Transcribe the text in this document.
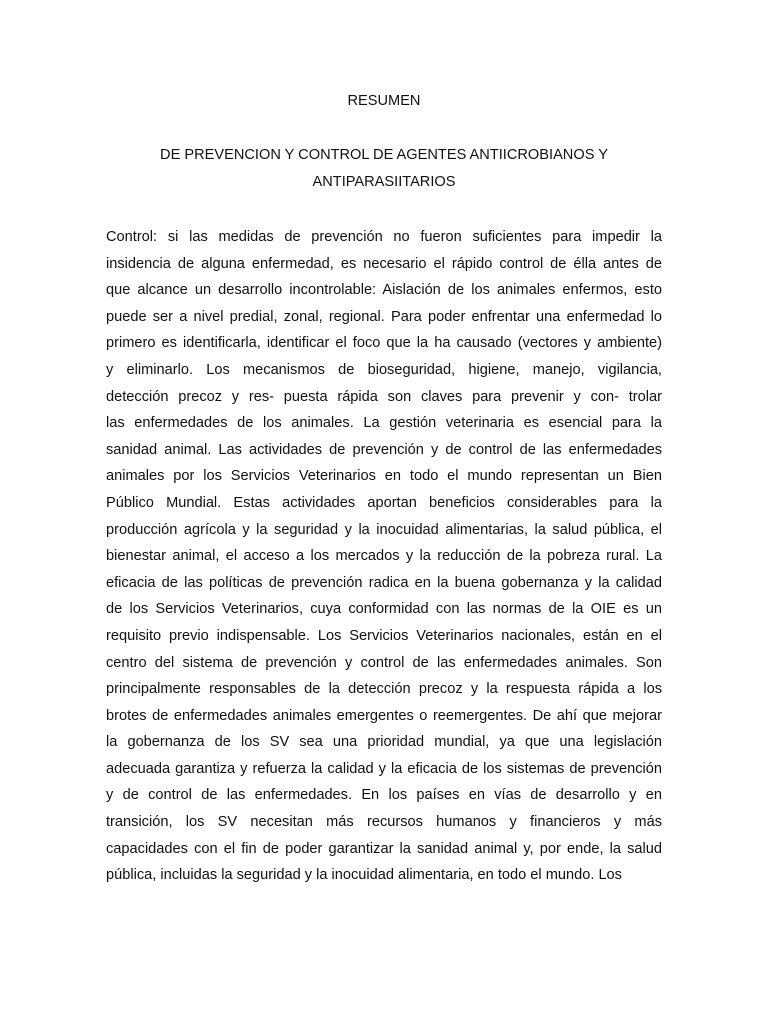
RESUMEN
DE PREVENCION Y CONTROL DE AGENTES ANTIICROBIANOS Y
ANTIPARASIITARIOS
Control: si las medidas de prevención no fueron suficientes para impedir la
insidencia de alguna enfermedad, es necesario el rápido control de élla antes de
que alcance un desarrollo incontrolable: Aislación de los animales enfermos, esto
puede ser a nivel predial, zonal, regional. Para poder enfrentar una enfermedad lo
primero es identificarla, identificar el foco que la ha causado (vectores y ambiente)
y eliminarlo. Los mecanismos de bioseguridad, higiene, manejo, vigilancia,
detección precoz y res- puesta rápida son claves para prevenir y con- trolar
las enfermedades de los animales. La gestión veterinaria es esencial para la
sanidad animal. Las actividades de prevención y de control de las enfermedades
animales por los Servicios Veterinarios en todo el mundo representan un Bien
Público Mundial. Estas actividades aportan beneficios considerables para la
producción agrícola y la seguridad y la inocuidad alimentarias, la salud pública, el
bienestar animal, el acceso a los mercados y la reducción de la pobreza rural. La
eficacia de las políticas de prevención radica en la buena gobernanza y la calidad
de los Servicios Veterinarios, cuya conformidad con las normas de la OIE es un
requisito previo indispensable. Los Servicios Veterinarios nacionales, están en el
centro del sistema de prevención y control de las enfermedades animales. Son
principalmente responsables de la detección precoz y la respuesta rápida a los
brotes de enfermedades animales emergentes o reemergentes. De ahí que mejorar
la gobernanza de los SV sea una prioridad mundial, ya que una legislación
adecuada garantiza y refuerza la calidad y la eficacia de los sistemas de prevención
y de control de las enfermedades. En los países en vías de desarrollo y en
transición, los SV necesitan más recursos humanos y financieros y más
capacidades con el fin de poder garantizar la sanidad animal y, por ende, la salud
pública, incluidas la seguridad y la inocuidad alimentaria, en todo el mundo. Los
